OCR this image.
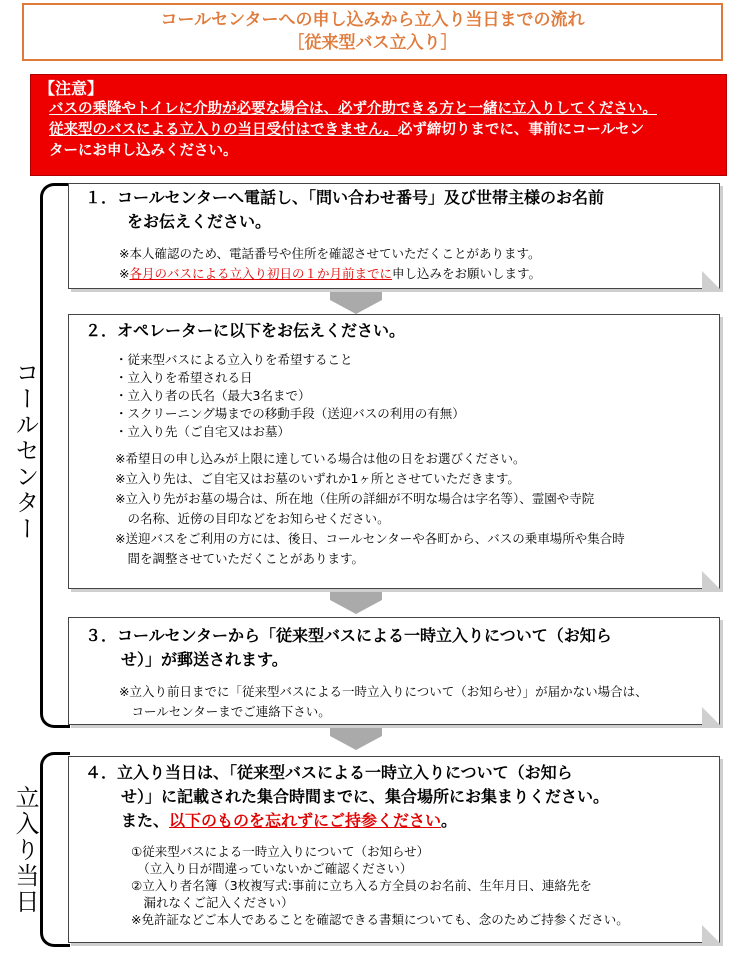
コールセンターへの申し込みから立入り当日までの流れ
［従来型バス立入り］
【注意】
バスの乗降やトイレに介助が必要な場合は、必ず介助できる方と一緒に立入りしてください。
従来型のバスによる立入りの当日受付はできません。必ず締切りまでに、事前にコールセン
ターにお申し込みください。
コールセンター
立入り当日
１．コールセンターへ電話し、「問い合わせ番号」及び世帯主様のお名前
をお伝えください。
※本人確認のため、電話番号や住所を確認させていただくことがあります。
※各月のバスによる立入り初日の１か月前までに申し込みをお願いします。
２．オペレーターに以下をお伝えください。
・従来型バスによる立入りを希望すること
・立入りを希望される日
・立入り者の氏名（最大3名まで）
・スクリーニング場までの移動手段（送迎バスの利用の有無）
・立入り先（ご自宅又はお墓）
※希望日の申し込みが上限に達している場合は他の日をお選びください。
※立入り先は、ご自宅又はお墓のいずれか1ヶ所とさせていただきます。
※立入り先がお墓の場合は、所在地（住所の詳細が不明な場合は字名等）、霊園や寺院
　の名称、近傍の目印などをお知らせください。
※送迎バスをご利用の方には、後日、コールセンターや各町から、バスの乗車場所や集合時
　間を調整させていただくことがあります。
３．コールセンターから「従来型バスによる一時立入りについて（お知ら
せ）」が郵送されます。
※立入り前日までに「従来型バスによる一時立入りについて（お知らせ）」が届かない場合は、
　コールセンターまでご連絡下さい。
４．立入り当日は、「従来型バスによる一時立入りについて（お知ら
せ）」に記載された集合時間までに、集合場所にお集まりください。
また、以下のものを忘れずにご持参ください。
①従来型バスによる一時立入りについて（お知らせ）
　（立入り日が間違っていないかご確認ください）
②立入り者名簿（3枚複写式:事前に立ち入る方全員のお名前、生年月日、連絡先を
　漏れなくご記入ください）
※免許証などご本人であることを確認できる書類についても、念のためご持参ください。
